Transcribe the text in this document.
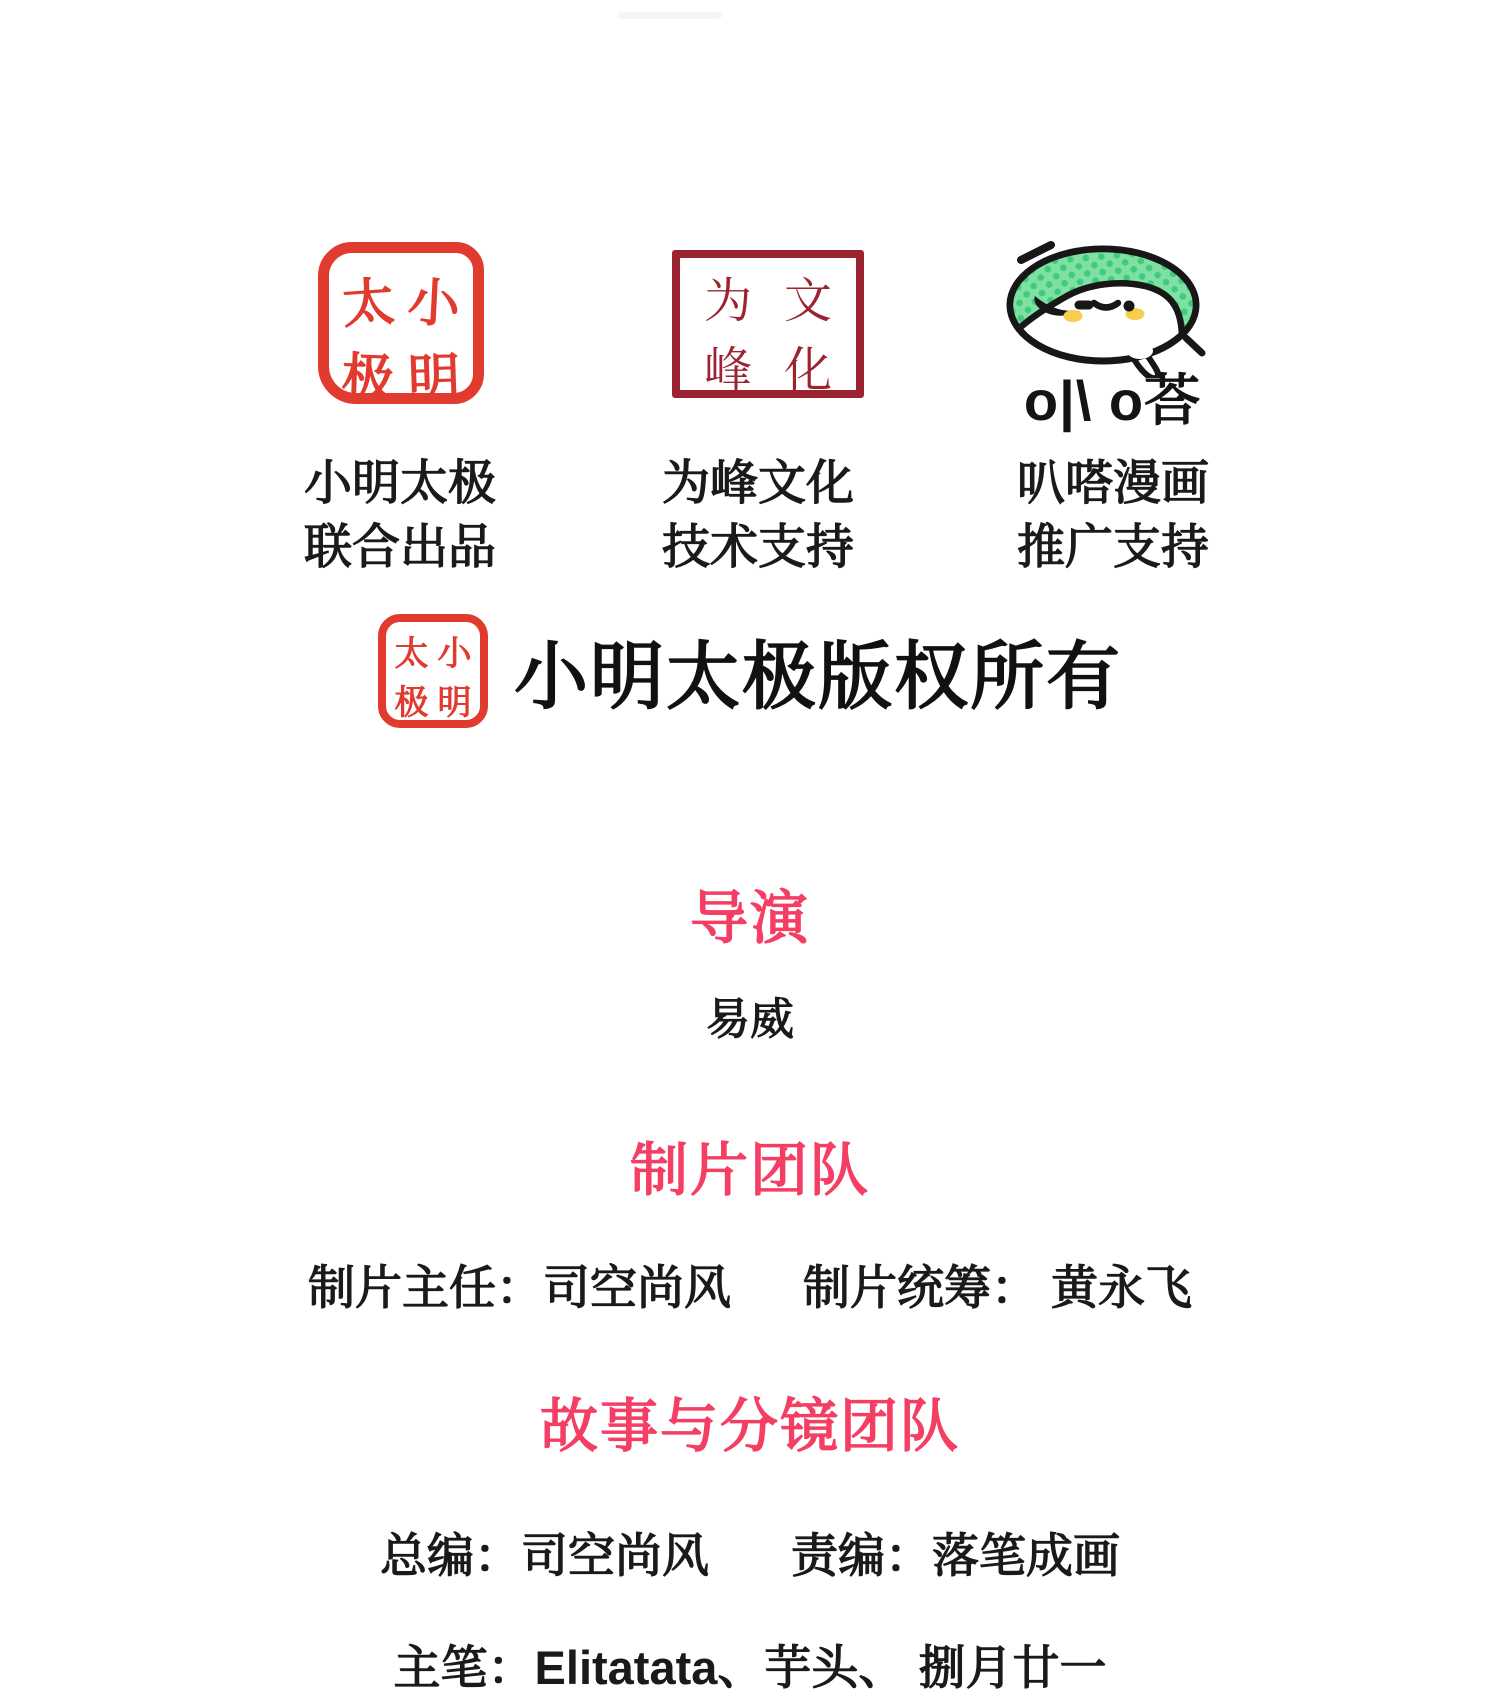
太 小
极 明
为 文
峰 化	o|\ o荅
小明太极
联合出品
为峰文化
技术支持
叭嗒漫画
推广支持
太 小
极 明 小明太极版权所有
导演
易威
制片团队
制片主任：司空尚风 制片统筹： 黄永飞
故事与分镜团队
总编：司空尚风 责编：落笔成画
主笔：Elitatata、芋头、 捌月廿一
